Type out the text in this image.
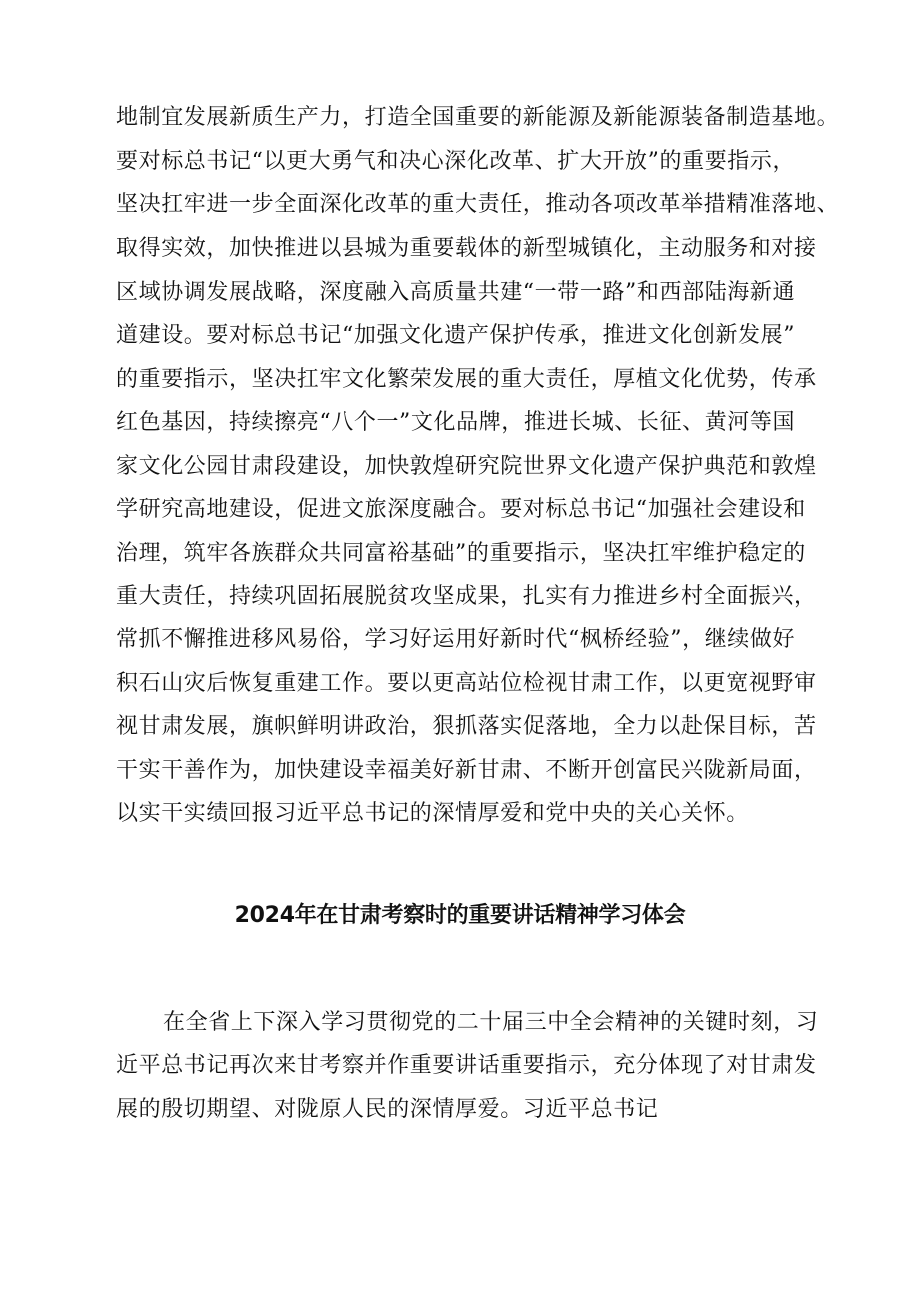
地制宜发展新质生产力，打造全国重要的新能源及新能源装备制造基地。
要对标总书记“以更大勇气和决心深化改革、扩大开放”的重要指示，
坚决扛牢进一步全面深化改革的重大责任，推动各项改革举措精准落地、
取得实效，加快推进以县城为重要载体的新型城镇化，主动服务和对接
区域协调发展战略，深度融入高质量共建“一带一路”和西部陆海新通
道建设。要对标总书记“加强文化遗产保护传承，推进文化创新发展”
的重要指示，坚决扛牢文化繁荣发展的重大责任，厚植文化优势，传承
红色基因，持续擦亮“八个一”文化品牌，推进长城、长征、黄河等国
家文化公园甘肃段建设，加快敦煌研究院世界文化遗产保护典范和敦煌
学研究高地建设，促进文旅深度融合。要对标总书记“加强社会建设和
治理，筑牢各族群众共同富裕基础”的重要指示，坚决扛牢维护稳定的
重大责任，持续巩固拓展脱贫攻坚成果，扎实有力推进乡村全面振兴，
常抓不懈推进移风易俗，学习好运用好新时代“枫桥经验”，继续做好
积石山灾后恢复重建工作。要以更高站位检视甘肃工作，以更宽视野审
视甘肃发展，旗帜鲜明讲政治，狠抓落实促落地，全力以赴保目标，苦
干实干善作为，加快建设幸福美好新甘肃、不断开创富民兴陇新局面，
以实干实绩回报习近平总书记的深情厚爱和党中央的关心关怀。
2024年在甘肃考察时的重要讲话精神学习体会
在全省上下深入学习贯彻党的二十届三中全会精神的关键时刻，习
近平总书记再次来甘考察并作重要讲话重要指示，充分体现了对甘肃发
展的殷切期望、对陇原人民的深情厚爱。习近平总书记
